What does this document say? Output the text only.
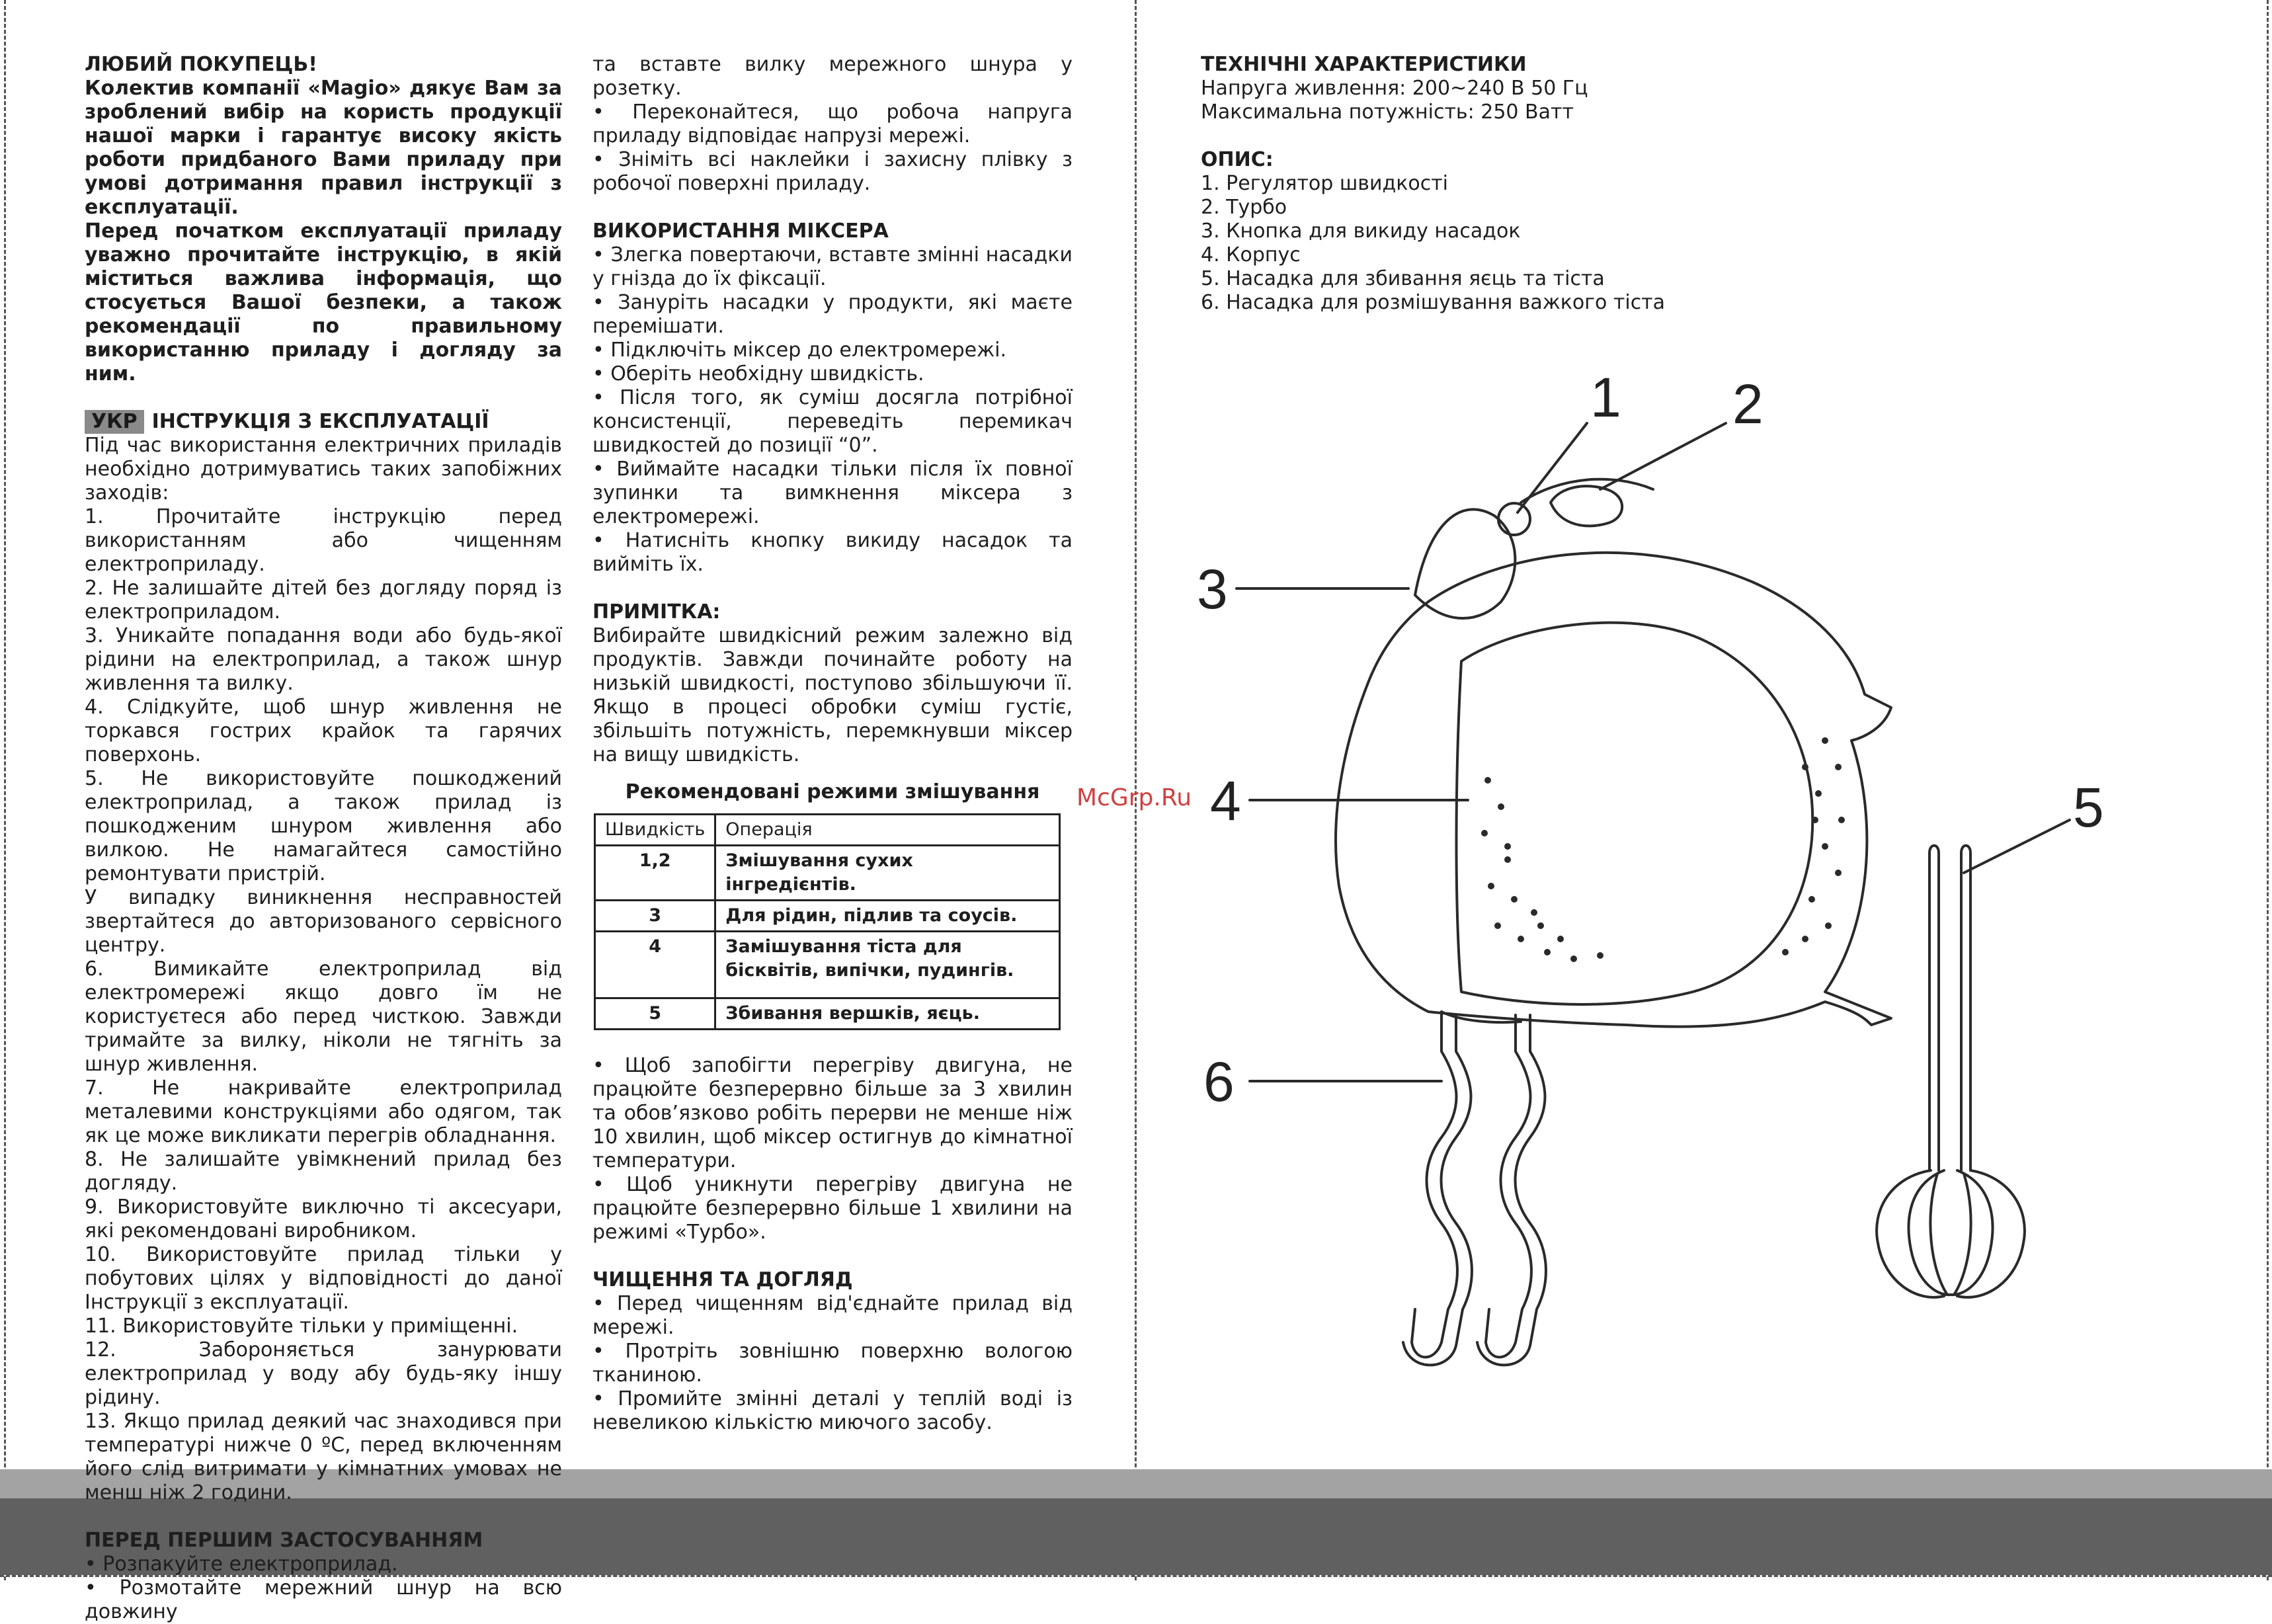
ЛЮБИЙ ПОКУПЕЦЬ!

Колектив компанії «Magio» дякує Вам за зроблений вибір на користь продукції нашої марки і гарантує високу якість роботи придбаного Вами приладу при умові дотримання правил інструкції з експлуатації.

Перед початком експлуатації приладу уважно прочитайте інструкцію, в якій міститься важлива інформація, що стосується Вашої безпеки, а також рекомендації по правильному використанню приладу і догляду за ним.

УКР ІНСТРУКЦІЯ З ЕКСПЛУАТАЦІЇ

Під час використання електричних приладів необхідно дотримуватись таких запобіжних заходів:

1. Прочитайте інструкцію перед використанням або чищенням електроприладу.

2. Не залишайте дітей без догляду поряд із електроприладом.

3. Уникайте попадання води або будь-якої рідини на електроприлад, а також шнур живлення та вилку.

4. Слідкуйте, щоб шнур живлення не торкався гострих крайок та гарячих поверхонь.

5. Не використовуйте пошкоджений електроприлад, а також прилад із пошкодженим шнуром живлення або вилкою. Не намагайтеся самостійно ремонтувати пристрій.

У випадку виникнення несправностей звертайтеся до авторизованого сервісного центру.

6. Вимикайте електроприлад від електромережі якщо довго їм не користуєтеся або перед чисткою. Завжди тримайте за вилку, ніколи не тягніть за шнур живлення.

7. Не накривайте електроприлад металевими конструкціями або одягом, так як це може викликати перегрів обладнання.

8. Не залишайте увімкнений прилад без догляду.

9. Використовуйте виключно ті аксесуари, які рекомендовані виробником.

10. Використовуйте прилад тільки у побутових цілях у відповідності до даної Інструкції з експлуатації.

11. Використовуйте тільки у приміщенні.

12. Забороняється занурювати електроприлад у воду абу будь-яку іншу рідину.

13. Якщо прилад деякий час знаходився при температурі нижче 0 ºС, перед включенням його слід витримати у кімнатних умовах не менш ніж 2 години.

ПЕРЕД ПЕРШИМ ЗАСТОСУВАННЯМ

• Розпакуйте електроприлад.

• Розмотайте мережний шнур на всю довжину

та вставте вилку мережного шнура у розетку.

• Переконайтеся, що робоча напруга приладу відповідає напрузі мережі.

• Зніміть всі наклейки і захисну плівку з робочої поверхні приладу.

ВИКОРИСТАННЯ МІКСЕРА

• Злегка повертаючи, вставте змінні насадки у гнізда до їх фіксації.

• Зануріть насадки у продукти, які маєте перемішати.

• Підключіть міксер до електромережі.

• Оберіть необхідну швидкість.

• Після того, як суміш досягла потрібної консистенції, переведіть перемикач швидкостей до позиції “0”.

• Виймайте насадки тільки після їх повної зупинки та вимкнення міксера з електромережі.

• Натисніть кнопку викиду насадок та вийміть їх.

ПРИМІТКА:

Вибирайте швидкісний режим залежно від продуктів. Завжди починайте роботу на низькій швидкості, поступово збільшуючи її. Якщо в процесі обробки суміш густіє, збільшіть потужність, перемкнувши міксер на вищу швидкість.

Рекомендовані режими змішування
Швидкість	Операція
1,2	Змішування сухих інгредієнтів.
3	Для рідин, підлив та соусів.
4	Замішування тіста для бісквітів, випічки, пудингів.
5	Збивання вершків, яєць.

• Щоб запобігти перегріву двигуна, не працюйте безперервно більше за 3 хвилин та обов’язково робіть перерви не менше ніж 10 хвилин, щоб міксер остигнув до кімнатної температури.

• Щоб уникнути перегріву двигуна не працюйте безперервно більше 1 хвилини на режимі «Турбо».

ЧИЩЕННЯ ТА ДОГЛЯД

• Перед чищенням від'єднайте прилад від мережі.

• Протріть зовнішню поверхню вологою тканиною.

• Промийте змінні деталі у теплій воді із невеликою кількістю миючого засобу.

ТЕХНІЧНІ ХАРАКТЕРИСТИКИ

Напруга живлення: 200~240 В 50 Гц

Максимальна потужність: 250 Ватт

ОПИС:

1. Регулятор швидкості

2. Турбо

3. Кнопка для викиду насадок

4. Корпус

5. Насадка для збивання яєць та тіста

6. Насадка для розмішування важкого тіста

McGrp.Ru
1 2
3
4	5
6
